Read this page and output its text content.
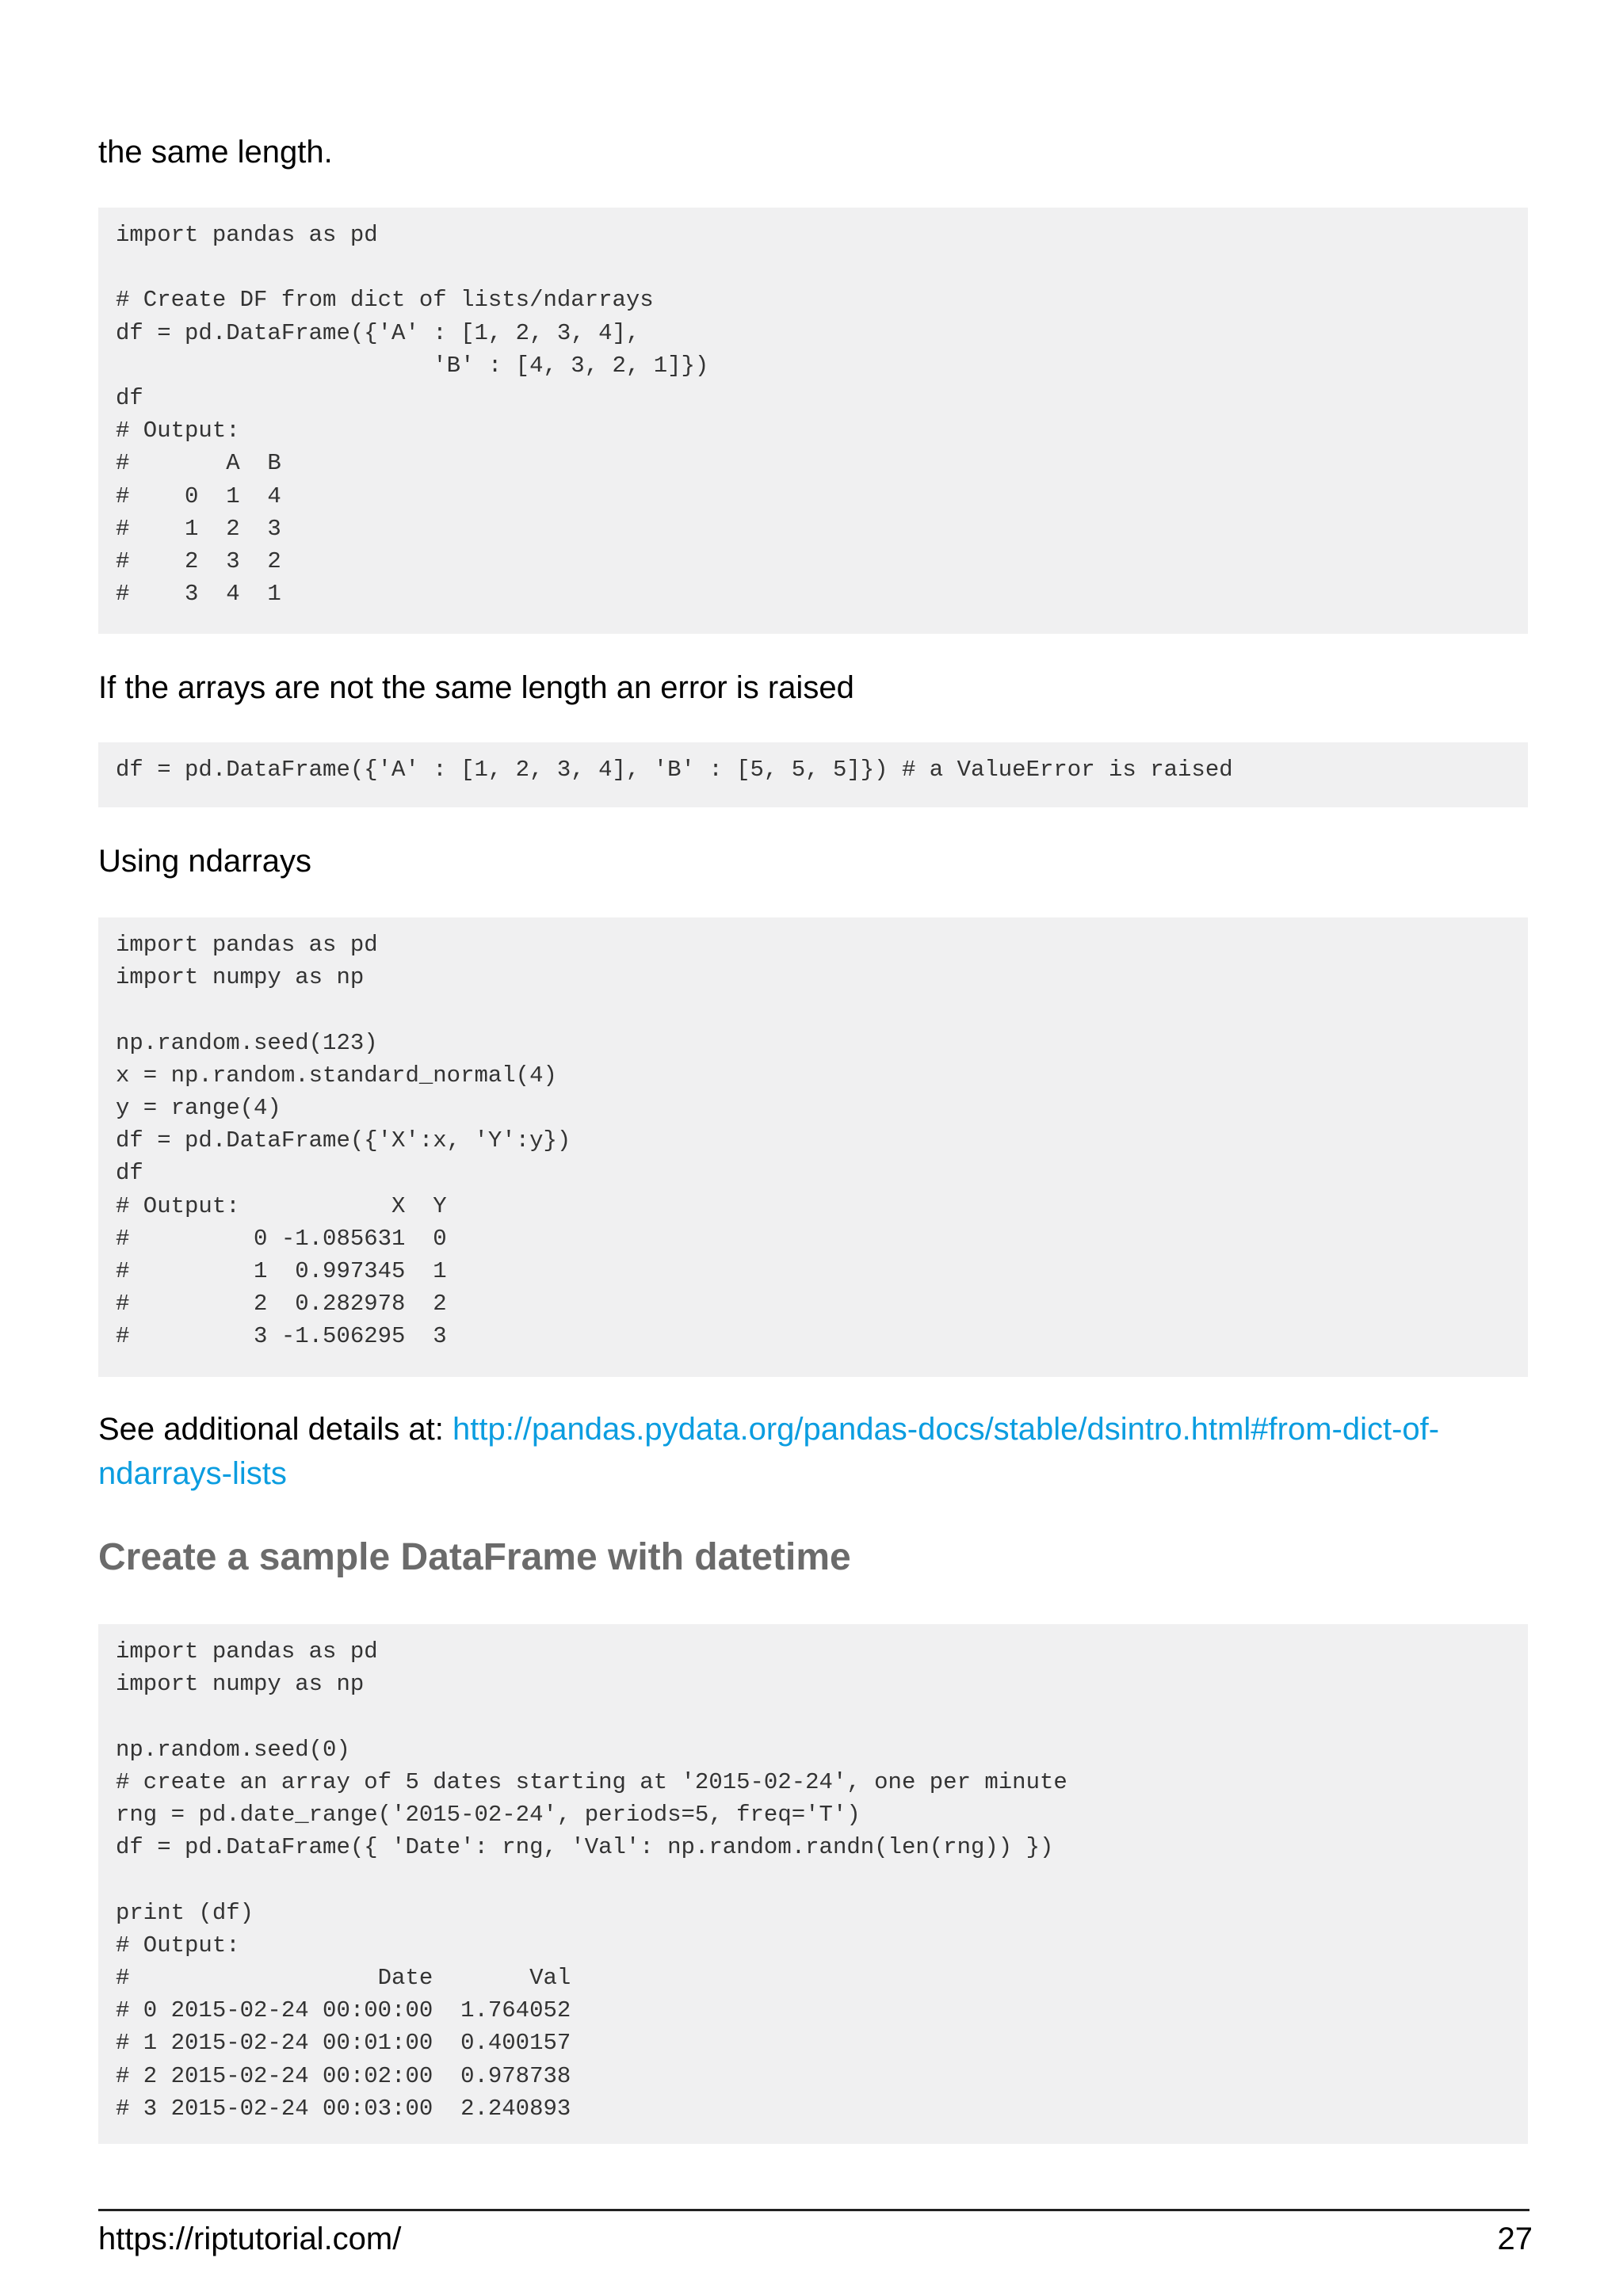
the same length.

import pandas as pd

# Create DF from dict of lists/ndarrays
df = pd.DataFrame({'A' : [1, 2, 3, 4],
'B' : [4, 3, 2, 1]})
df
# Output:
#       A  B
#    0  1  4
#    1  2  3
#    2  3  2
#    3  4  1

If the arrays are not the same length an error is raised

df = pd.DataFrame({'A' : [1, 2, 3, 4], 'B' : [5, 5, 5]}) # a ValueError is raised

Using ndarrays

import pandas as pd
import numpy as np

np.random.seed(123)
x = np.random.standard_normal(4)
y = range(4)
df = pd.DataFrame({'X':x, 'Y':y})
df
# Output:           X  Y
#         0 -1.085631  0
#         1  0.997345  1
#         2  0.282978  2
#         3 -1.506295  3

See additional details at: http://pandas.pydata.org/pandas-docs/stable/dsintro.html#from-dict-of-ndarrays-lists

Create a sample DataFrame with datetime
import pandas as pd
import numpy as np

np.random.seed(0)
# create an array of 5 dates starting at '2015-02-24', one per minute
rng = pd.date_range('2015-02-24', periods=5, freq='T')
df = pd.DataFrame({ 'Date': rng, 'Val': np.random.randn(len(rng)) })

print (df)
# Output:
#                  Date       Val
# 0 2015-02-24 00:00:00  1.764052
# 1 2015-02-24 00:01:00  0.400157
# 2 2015-02-24 00:02:00  0.978738
# 3 2015-02-24 00:03:00  2.240893
https://riptutorial.com/	27
